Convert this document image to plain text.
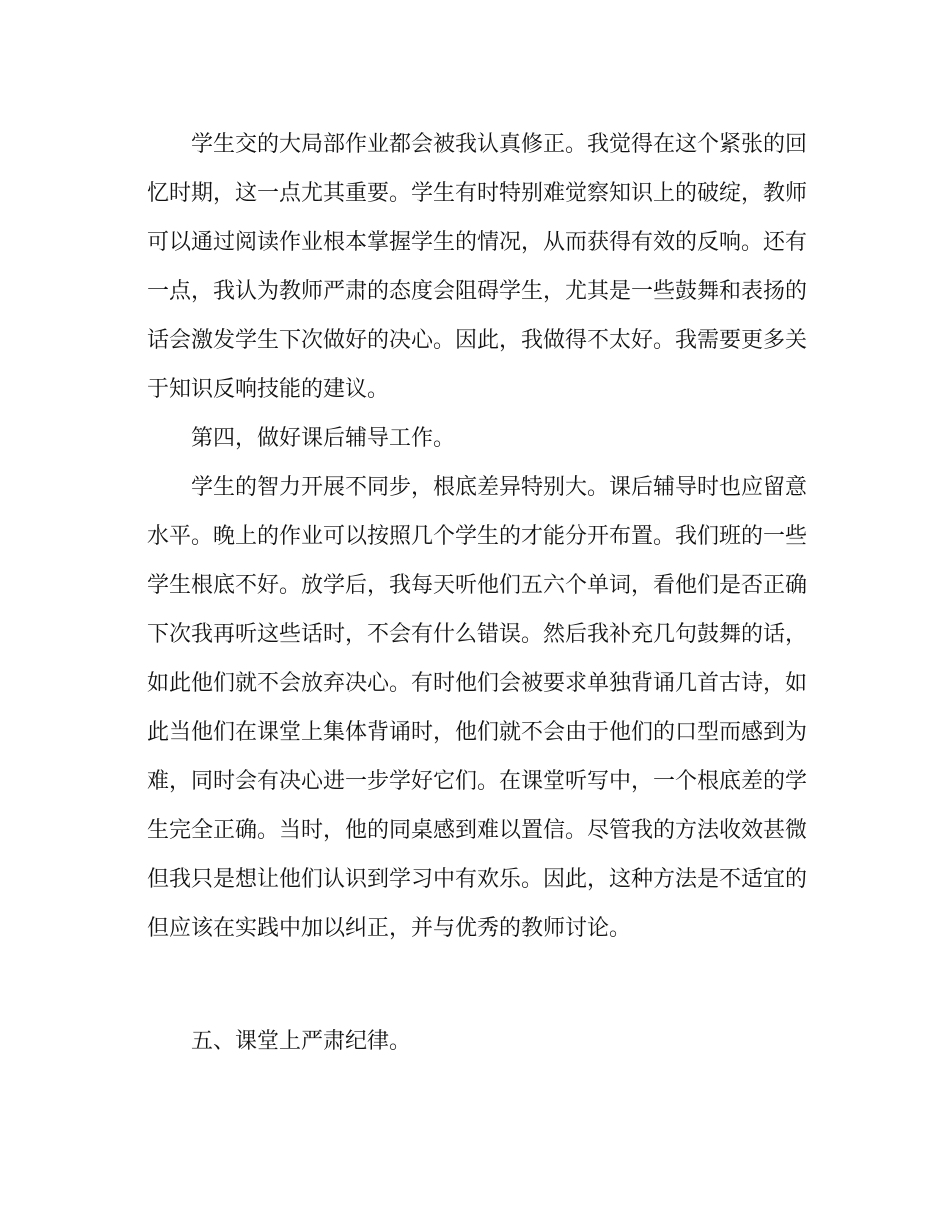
学生交的大局部作业都会被我认真修正。我觉得在这个紧张的回
忆时期，这一点尤其重要。学生有时特别难觉察知识上的破绽，教师
可以通过阅读作业根本掌握学生的情况，从而获得有效的反响。还有
一点，我认为教师严肃的态度会阻碍学生，尤其是一些鼓舞和表扬的
话会激发学生下次做好的决心。因此，我做得不太好。我需要更多关
于知识反响技能的建议。
第四，做好课后辅导工作。
学生的智力开展不同步，根底差异特别大。课后辅导时也应留意
水平。晚上的作业可以按照几个学生的才能分开布置。我们班的一些
学生根底不好。放学后，我每天听他们五六个单词，看他们是否正确
下次我再听这些话时，不会有什么错误。然后我补充几句鼓舞的话，
如此他们就不会放弃决心。有时他们会被要求单独背诵几首古诗，如
此当他们在课堂上集体背诵时，他们就不会由于他们的口型而感到为
难，同时会有决心进一步学好它们。在课堂听写中，一个根底差的学
生完全正确。当时，他的同桌感到难以置信。尽管我的方法收效甚微
但我只是想让他们认识到学习中有欢乐。因此，这种方法是不适宜的
但应该在实践中加以纠正，并与优秀的教师讨论。
五、课堂上严肃纪律。
